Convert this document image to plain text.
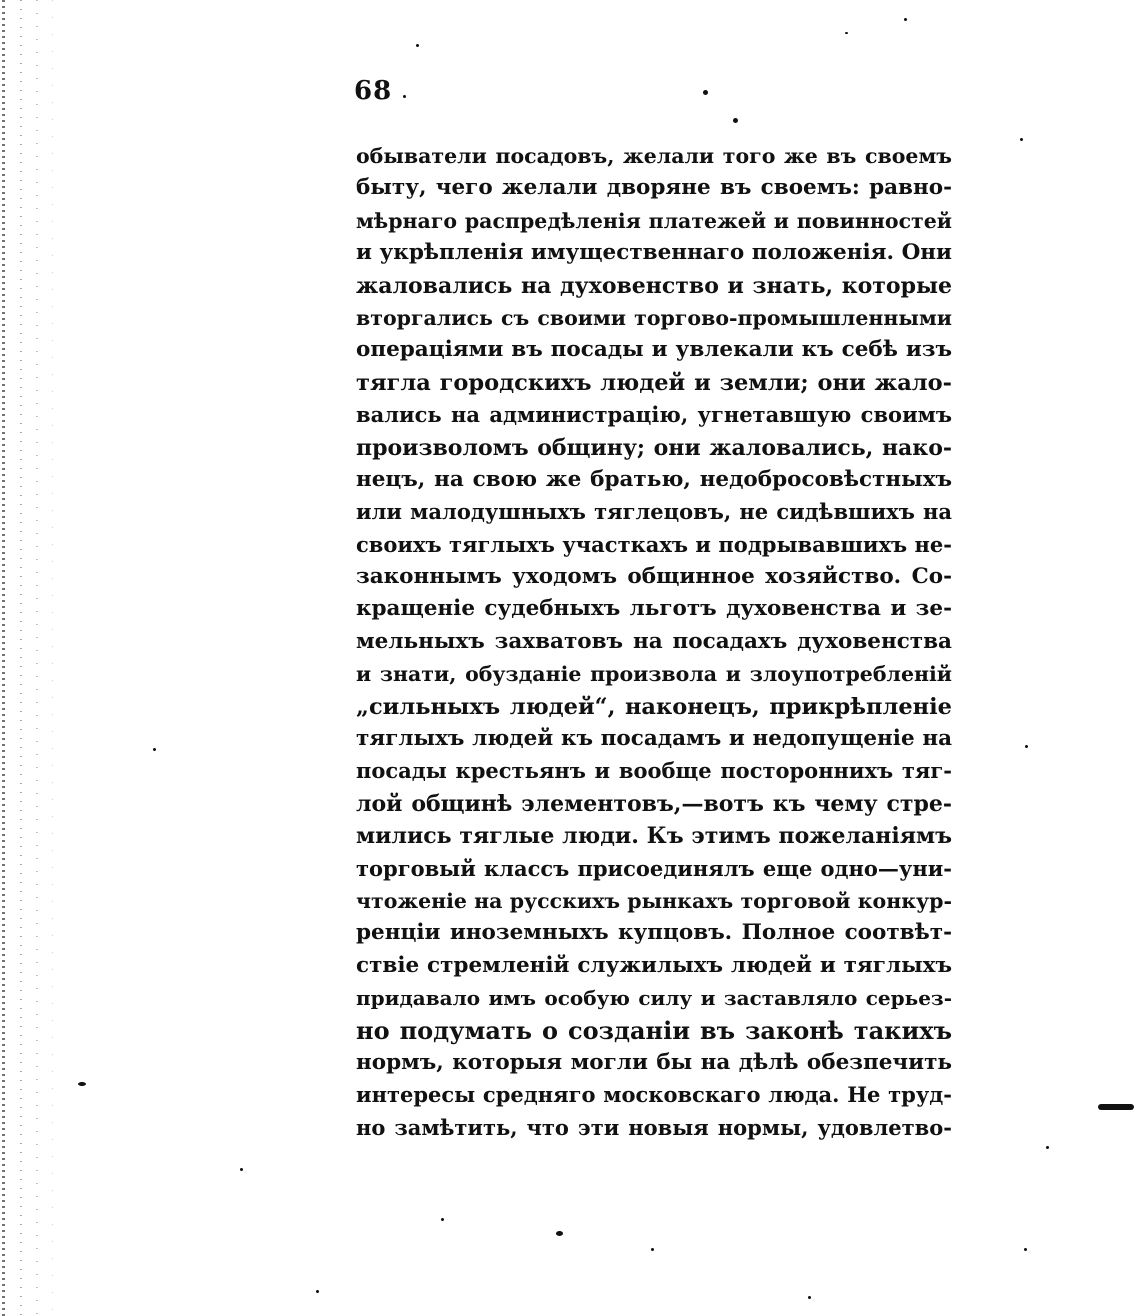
68
обыватели посадовъ, желали того же въ своемъ
быту, чего желали дворяне въ своемъ: равно-
мѣрнаго распредѣленія платежей и повинностей
и укрѣпленія имущественнаго положенія. Они
жаловались на духовенство и знать, которые
вторгались съ своими торгово-промышленными
операціями въ посады и увлекали къ себѣ изъ
тягла городскихъ людей и земли; они жало-
вались на администрацію, угнетавшую своимъ
произволомъ общину; они жаловались, нако-
нецъ, на свою же братью, недобросовѣстныхъ
или малодушныхъ тяглецовъ, не сидѣвшихъ на
своихъ тяглыхъ участкахъ и подрывавшихъ не-
законнымъ уходомъ общинное хозяйство. Со-
кращеніе судебныхъ льготъ духовенства и зе-
мельныхъ захватовъ на посадахъ духовенства
и знати, обузданіе произвола и злоупотребленій
„сильныхъ людей“, наконецъ, прикрѣпленіе
тяглыхъ людей къ посадамъ и недопущеніе на
посады крестьянъ и вообще постороннихъ тяг-
лой общинѣ элементовъ,—вотъ къ чему стре-
мились тяглые люди. Къ этимъ пожеланіямъ
торговый классъ присоединялъ еще одно—уни-
чтоженіе на русскихъ рынкахъ торговой конкур-
ренціи иноземныхъ купцовъ. Полное соотвѣт-
ствіе стремленій служилыхъ людей и тяглыхъ
придавало имъ особую силу и заставляло серьез-
но подумать о созданіи въ законѣ такихъ
нормъ, которыя могли бы на дѣлѣ обезпечить
интересы средняго московскаго люда. Не труд-
но замѣтить, что эти новыя нормы, удовлетво-
